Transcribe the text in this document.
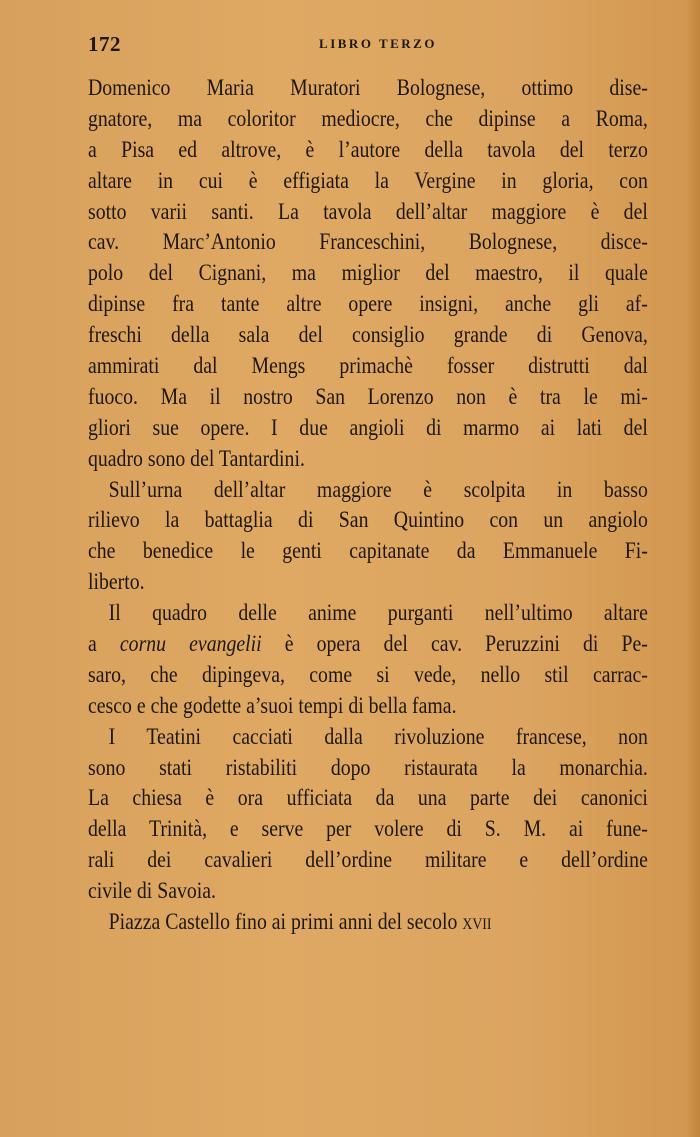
172	LIBRO TERZO
Domenico Maria Muratori Bolognese, ottimo dise-
gnatore, ma coloritor mediocre, che dipinse a Roma,
a Pisa ed altrove, è l’autore della tavola del terzo
altare in cui è effigiata la Vergine in gloria, con
sotto varii santi. La tavola dell’altar maggiore è del
cav. Marc’Antonio Franceschini, Bolognese, disce-
polo del Cignani, ma miglior del maestro, il quale
dipinse fra tante altre opere insigni, anche gli af-
freschi della sala del consiglio grande di Genova,
ammirati dal Mengs primachè fosser distrutti dal
fuoco. Ma il nostro San Lorenzo non è tra le mi-
gliori sue opere. I due angioli di marmo ai lati del
quadro sono del Tantardini.
Sull’urna dell’altar maggiore è scolpita in basso
rilievo la battaglia di San Quintino con un angiolo
che benedice le genti capitanate da Emmanuele Fi-
liberto.
Il quadro delle anime purganti nell’ultimo altare
a cornu evangelii è opera del cav. Peruzzini di Pe-
saro, che dipingeva, come si vede, nello stil carrac-
cesco e che godette a’suoi tempi di bella fama.
I Teatini cacciati dalla rivoluzione francese, non
sono stati ristabiliti dopo ristaurata la monarchia.
La chiesa è ora ufficiata da una parte dei canonici
della Trinità, e serve per volere di S. M. ai fune-
rali dei cavalieri dell’ordine militare e dell’ordine
civile di Savoia.
Piazza Castello fino ai primi anni del secolo xvii
